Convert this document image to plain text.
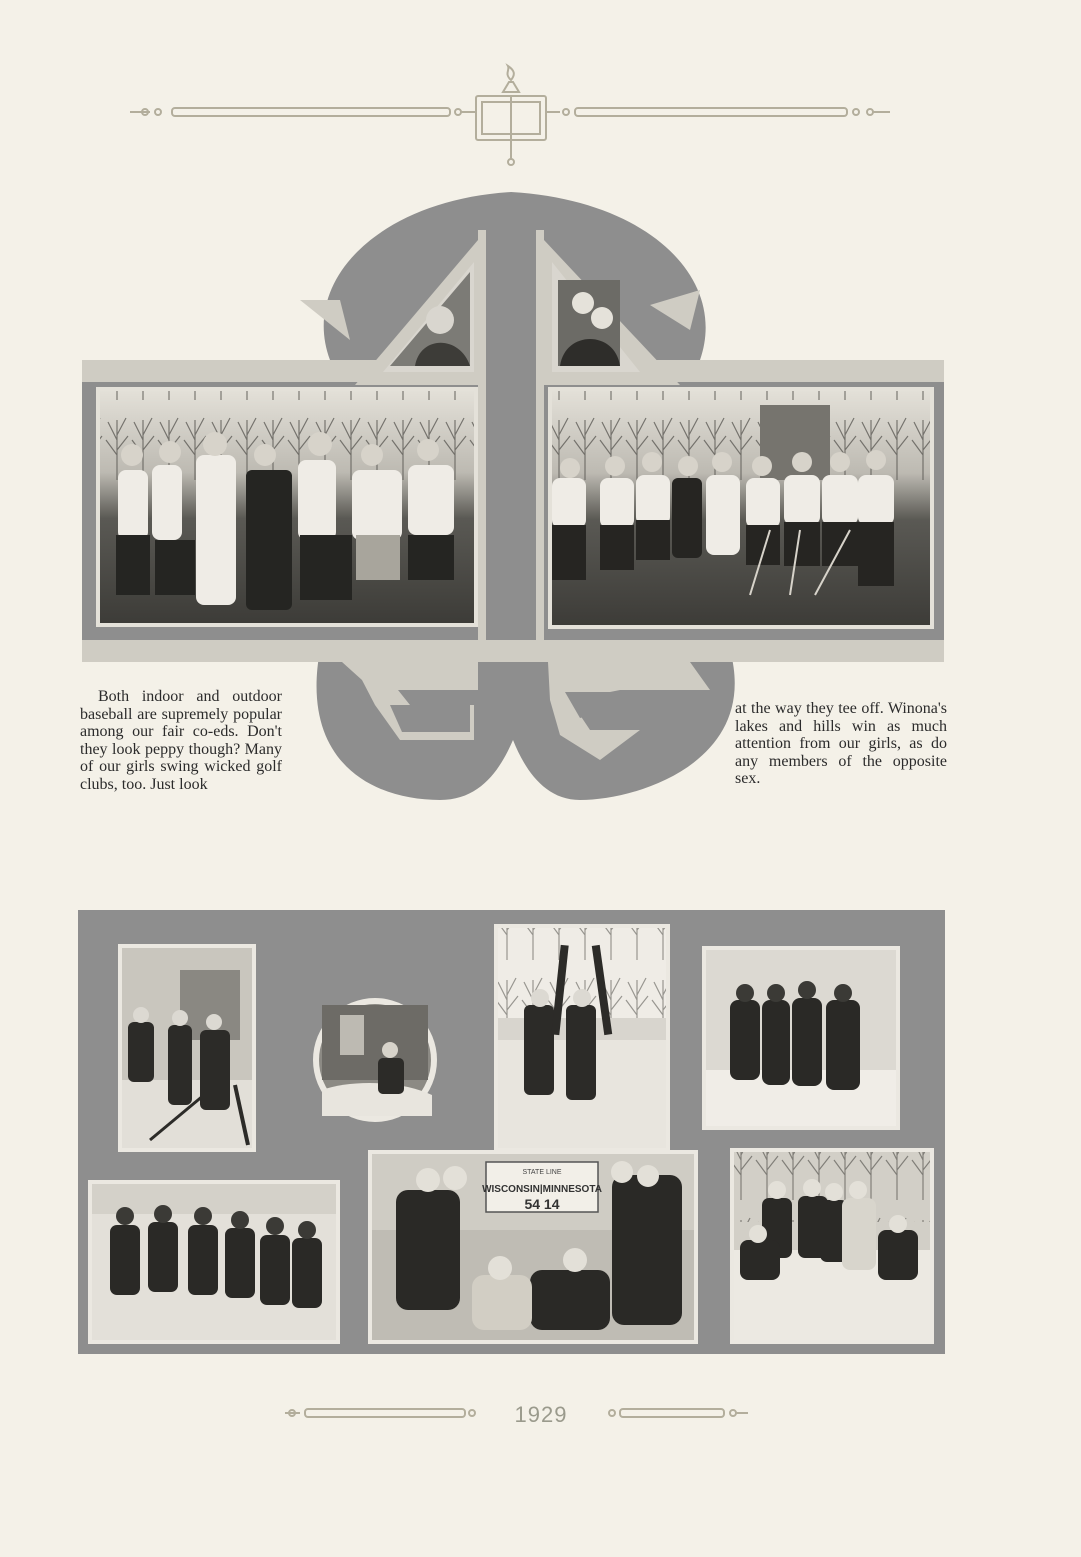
Both indoor and outdoor baseball are supremely popular among our fair co-eds. Don't they look peppy though? Many of our girls swing wicked golf clubs, too. Just look
at the way they tee off. Winona's lakes and hills win as much attention from our girls, as do any members of the opposite sex.
STATE LINE
WISCONSIN|MINNESOTA
54 14
1929
